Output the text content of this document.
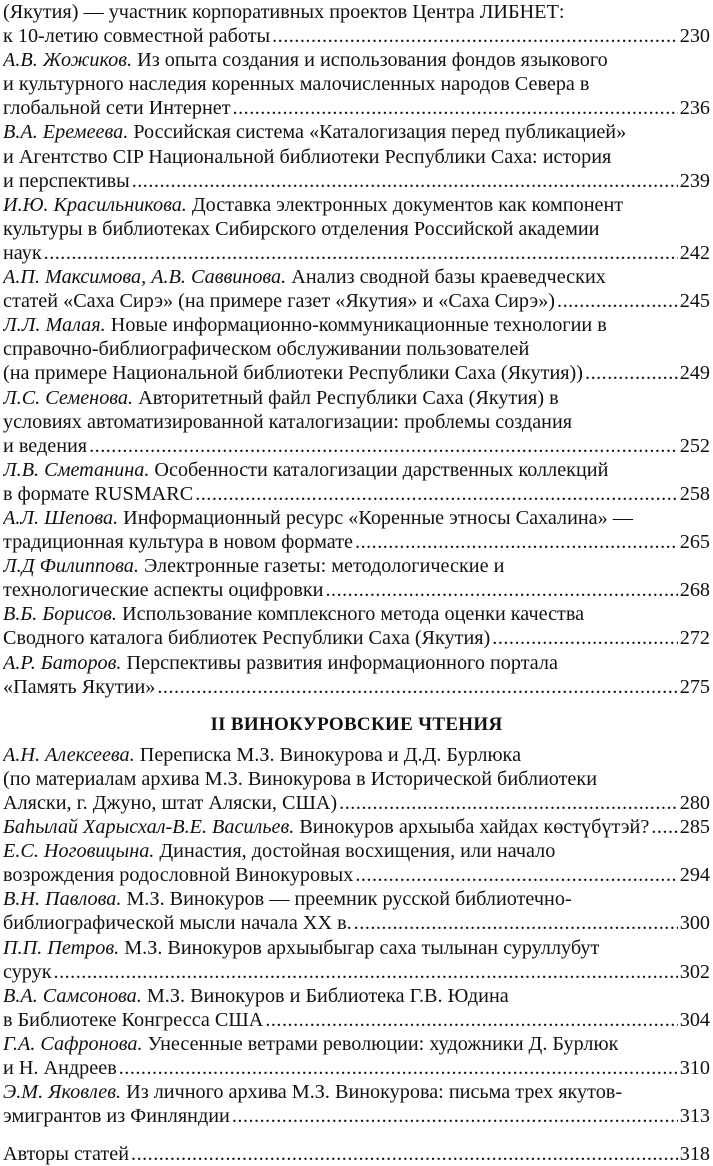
(Якутия) — участник корпоративных проектов Центра ЛИБНЕТ:
к 10-летию совместной работы .....	230
А.В. Жожиков. Из опыта создания и использования фондов языкового
и культурного наследия коренных малочисленных народов Севера в
глобальной сети Интернет .....	236
В.А. Еремеева. Российская система «Каталогизация перед публикацией»
и Агентство CIP Национальной библиотеки Республики Саха: история
и перспективы .....	239
И.Ю. Красильникова. Доставка электронных документов как компонент
культуры в библиотеках Сибирского отделения Российской академии
наук .....	242
А.П. Максимова, А.В. Саввинова. Анализ сводной базы краеведческих
статей «Саха Сирэ» (на примере газет «Якутия» и «Саха Сирэ») .....	245
Л.Л. Малая. Новые информационно-коммуникационные технологии в
справочно-библиографическом обслуживании пользователей
(на примере Национальной библиотеки Республики Саха (Якутия)) .....	249
Л.С. Семенова. Авторитетный файл Республики Саха (Якутия) в
условиях автоматизированной каталогизации: проблемы создания
и ведения .....	252
Л.В. Сметанина. Особенности каталогизации дарственных коллекций
в формате RUSMARC .....	258
А.Л. Шепова. Информационный ресурс «Коренные этносы Сахалина» —
традиционная культура в новом формате .....	265
Л.Д Филиппова. Электронные газеты: методологические и
технологические аспекты оцифровки .....	268
В.Б. Борисов. Использование комплексного метода оценки качества
Сводного каталога библиотек Республики Саха (Якутия) .....	272
А.Р. Баторов. Перспективы развития информационного портала
«Память Якутии» .....	275
II ВИНОКУРОВСКИЕ ЧТЕНИЯ
А.Н. Алексеева. Переписка М.З. Винокурова и Д.Д. Бурлюка
(по материалам архива М.З. Винокурова в Исторической библиотеки
Аляски, г. Джуно, штат Аляски, США) .....	280
Баһылай Харысхал-В.Е. Васильев. Винокуров архыыба хайдах көстүбүтэй? ..... 285
Е.С. Ноговицына. Династия, достойная восхищения, или начало
возрождения родословной Винокуровых .....	294
В.Н. Павлова. М.З. Винокуров — преемник русской библиотечно-
библиографической мысли начала XX в. .....	300
П.П. Петров. М.З. Винокуров архыыбыгар саха тылынан суруллубут
сурук .....	302
В.А. Самсонова. М.З. Винокуров и Библиотека Г.В. Юдина
в Библиотеке Конгресса США .....	304
Г.А. Сафронова. Унесенные ветрами революции: художники Д. Бурлюк
и Н. Андреев .....	310
Э.М. Яковлев. Из личного архива М.З. Винокурова: письма трех якутов-
эмигрантов из Финляндии .....	313
Авторы статей .....	318
